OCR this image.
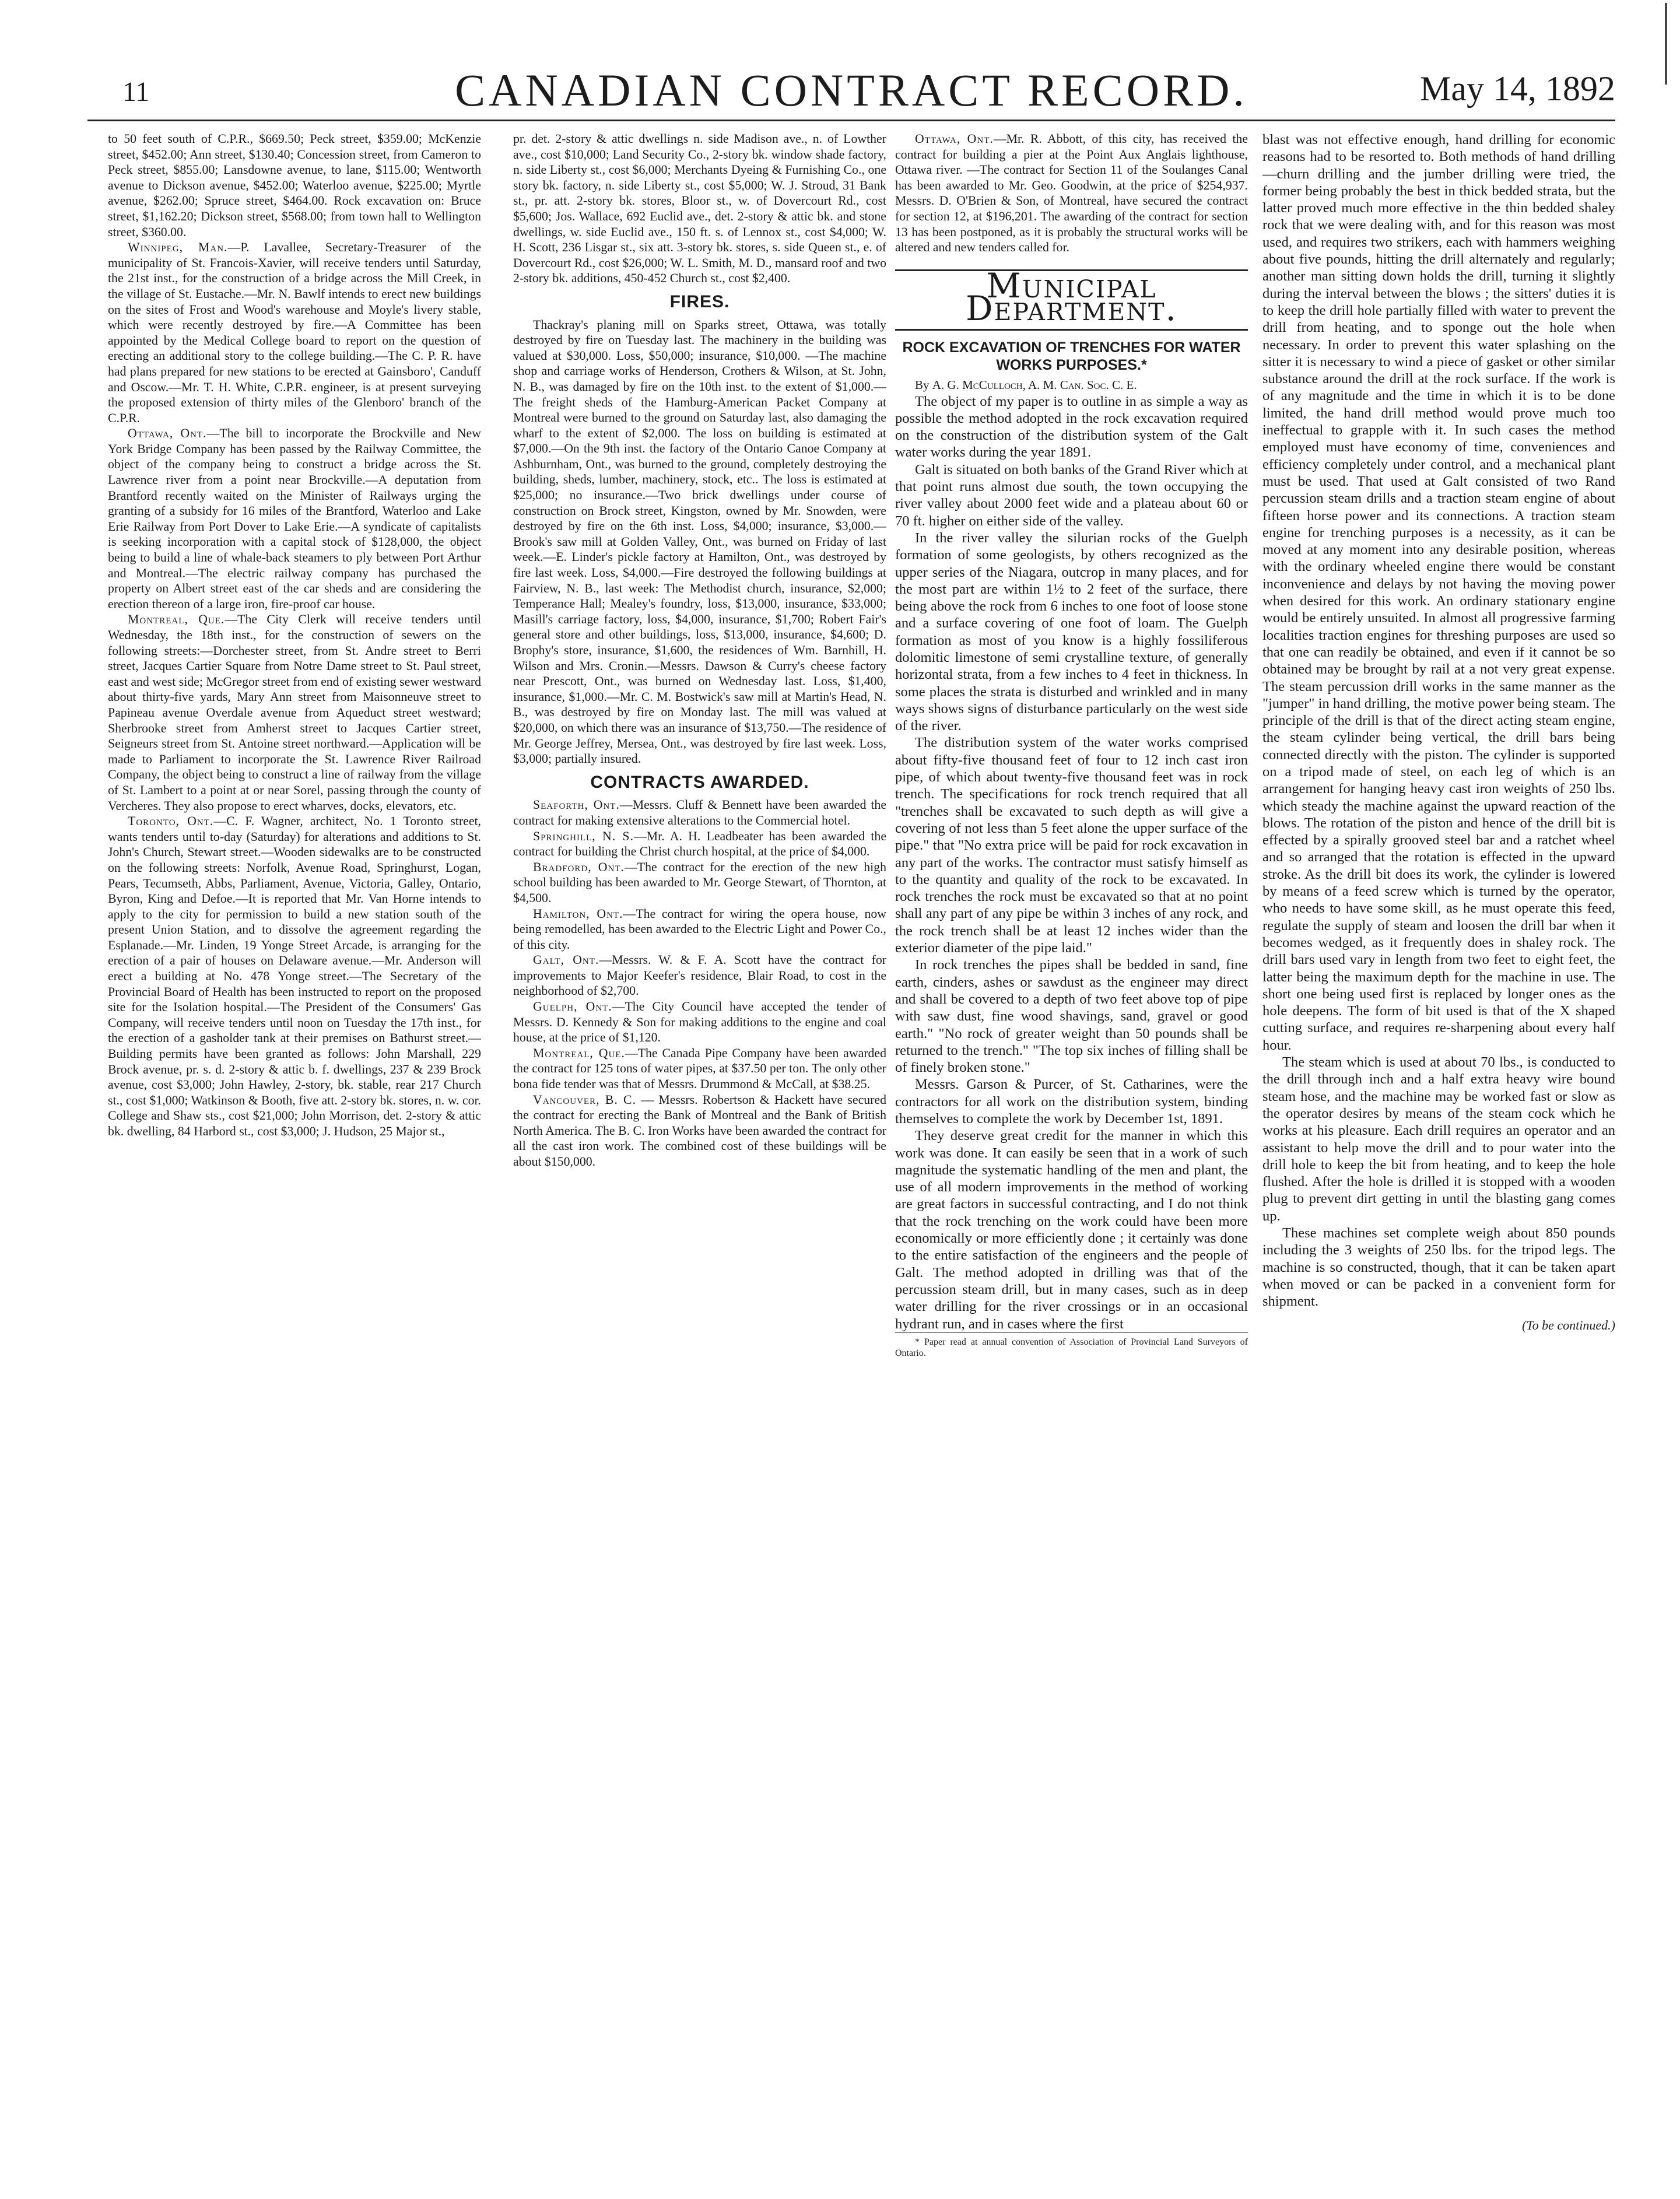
11	CANADIAN CONTRACT RECORD.	May 14, 1892

to 50 feet south of C.P.R., $669.50; Peck street, $359.00; McKenzie street, $452.00; Ann street, $130.40; Concession street, from Cameron to Peck street, $855.00; Lansdowne avenue, to lane, $115.00; Wentworth avenue to Dickson avenue, $452.00; Waterloo avenue, $225.00; Myrtle avenue, $262.00; Spruce street, $464.00. Rock excavation on: Bruce street, $1,162.20; Dickson street, $568.00; from town hall to Wellington street, $360.00.

Winnipeg, Man.—P. Lavallee, Secretary-Treasurer of the municipality of St. Francois-Xavier, will receive tenders until Saturday, the 21st inst., for the construction of a bridge across the Mill Creek, in the village of St. Eustache.—Mr. N. Bawlf intends to erect new buildings on the sites of Frost and Wood's warehouse and Moyle's livery stable, which were recently destroyed by fire.—A Committee has been appointed by the Medical College board to report on the question of erecting an additional story to the college building.—The C. P. R. have had plans prepared for new stations to be erected at Gainsboro', Canduff and Oscow.—Mr. T. H. White, C.P.R. engineer, is at present surveying the proposed extension of thirty miles of the Glenboro' branch of the C.P.R.

Ottawa, Ont.—The bill to incorporate the Brockville and New York Bridge Company has been passed by the Railway Committee, the object of the company being to construct a bridge across the St. Lawrence river from a point near Brockville.—A deputation from Brantford recently waited on the Minister of Railways urging the granting of a subsidy for 16 miles of the Brantford, Waterloo and Lake Erie Railway from Port Dover to Lake Erie.—A syndicate of capitalists is seeking incorporation with a capital stock of $128,000, the object being to build a line of whale-back steamers to ply between Port Arthur and Montreal.—The electric railway company has purchased the property on Albert street east of the car sheds and are considering the erection thereon of a large iron, fire-proof car house.

Montreal, Que.—The City Clerk will receive tenders until Wednesday, the 18th inst., for the construction of sewers on the following streets:—Dorchester street, from St. Andre street to Berri street, Jacques Cartier Square from Notre Dame street to St. Paul street, east and west side; McGregor street from end of existing sewer westward about thirty-five yards, Mary Ann street from Maisonneuve street to Papineau avenue Overdale avenue from Aqueduct street westward; Sherbrooke street from Amherst street to Jacques Cartier street, Seigneurs street from St. Antoine street northward.—Application will be made to Parliament to incorporate the St. Lawrence River Railroad Company, the object being to construct a line of railway from the village of St. Lambert to a point at or near Sorel, passing through the county of Vercheres. They also propose to erect wharves, docks, elevators, etc.

Toronto, Ont.—C. F. Wagner, architect, No. 1 Toronto street, wants tenders until to-day (Saturday) for alterations and additions to St. John's Church, Stewart street.—Wooden sidewalks are to be constructed on the following streets: Norfolk, Avenue Road, Springhurst, Logan, Pears, Tecumseth, Abbs, Parliament, Avenue, Victoria, Galley, Ontario, Byron, King and Defoe.—It is reported that Mr. Van Horne intends to apply to the city for permission to build a new station south of the present Union Station, and to dissolve the agreement regarding the Esplanade.—Mr. Linden, 19 Yonge Street Arcade, is arranging for the erection of a pair of houses on Delaware avenue.—Mr. Anderson will erect a building at No. 478 Yonge street.—The Secretary of the Provincial Board of Health has been instructed to report on the proposed site for the Isolation hospital.—The President of the Consumers' Gas Company, will receive tenders until noon on Tuesday the 17th inst., for the erection of a gasholder tank at their premises on Bathurst street.—Building permits have been granted as follows: John Marshall, 229 Brock avenue, pr. s. d. 2-story & attic b. f. dwellings, 237 & 239 Brock avenue, cost $3,000; John Hawley, 2-story, bk. stable, rear 217 Church st., cost $1,000; Watkinson & Booth, five att. 2-story bk. stores, n. w. cor. College and Shaw sts., cost $21,000; John Morrison, det. 2-story & attic bk. dwelling, 84 Harbord st., cost $3,000; J. Hudson, 25 Major st.,

pr. det. 2-story & attic dwellings n. side Madison ave., n. of Lowther ave., cost $10,000; Land Security Co., 2-story bk. window shade factory, n. side Liberty st., cost $6,000; Merchants Dyeing & Furnishing Co., one story bk. factory, n. side Liberty st., cost $5,000; W. J. Stroud, 31 Bank st., pr. att. 2-story bk. stores, Bloor st., w. of Dovercourt Rd., cost $5,600; Jos. Wallace, 692 Euclid ave., det. 2-story & attic bk. and stone dwellings, w. side Euclid ave., 150 ft. s. of Lennox st., cost $4,000; W. H. Scott, 236 Lisgar st., six att. 3-story bk. stores, s. side Queen st., e. of Dovercourt Rd., cost $26,000; W. L. Smith, M. D., mansard roof and two 2-story bk. additions, 450-452 Church st., cost $2,400.

FIRES.

Thackray's planing mill on Sparks street, Ottawa, was totally destroyed by fire on Tuesday last. The machinery in the building was valued at $30,000. Loss, $50,000; insurance, $10,000. —The machine shop and carriage works of Henderson, Crothers & Wilson, at St. John, N. B., was damaged by fire on the 10th inst. to the extent of $1,000.—The freight sheds of the Hamburg-American Packet Company at Montreal were burned to the ground on Saturday last, also damaging the wharf to the extent of $2,000. The loss on building is estimated at $7,000.—On the 9th inst. the factory of the Ontario Canoe Company at Ashburnham, Ont., was burned to the ground, completely destroying the building, sheds, lumber, machinery, stock, etc.. The loss is estimated at $25,000; no insurance.—Two brick dwellings under course of construction on Brock street, Kingston, owned by Mr. Snowden, were destroyed by fire on the 6th inst. Loss, $4,000; insurance, $3,000.—Brook's saw mill at Golden Valley, Ont., was burned on Friday of last week.—E. Linder's pickle factory at Hamilton, Ont., was destroyed by fire last week. Loss, $4,000.—Fire destroyed the following buildings at Fairview, N. B., last week: The Methodist church, insurance, $2,000; Temperance Hall; Mealey's foundry, loss, $13,000, insurance, $33,000; Masill's carriage factory, loss, $4,000, insurance, $1,700; Robert Fair's general store and other buildings, loss, $13,000, insurance, $4,600; D. Brophy's store, insurance, $1,600, the residences of Wm. Barnhill, H. Wilson and Mrs. Cronin.—Messrs. Dawson & Curry's cheese factory near Prescott, Ont., was burned on Wednesday last. Loss, $1,400, insurance, $1,000.—Mr. C. M. Bostwick's saw mill at Martin's Head, N. B., was destroyed by fire on Monday last. The mill was valued at $20,000, on which there was an insurance of $13,750.—The residence of Mr. George Jeffrey, Mersea, Ont., was destroyed by fire last week. Loss, $3,000; partially insured.

CONTRACTS AWARDED.

Seaforth, Ont.—Messrs. Cluff & Bennett have been awarded the contract for making extensive alterations to the Commercial hotel.

Springhill, N. S.—Mr. A. H. Leadbeater has been awarded the contract for building the Christ church hospital, at the price of $4,000.

Bradford, Ont.—The contract for the erection of the new high school building has been awarded to Mr. George Stewart, of Thornton, at $4,500.

Hamilton, Ont.—The contract for wiring the opera house, now being remodelled, has been awarded to the Electric Light and Power Co., of this city.

Galt, Ont.—Messrs. W. & F. A. Scott have the contract for improvements to Major Keefer's residence, Blair Road, to cost in the neighborhood of $2,700.

Guelph, Ont.—The City Council have accepted the tender of Messrs. D. Kennedy & Son for making additions to the engine and coal house, at the price of $1,120.

Montreal, Que.—The Canada Pipe Company have been awarded the contract for 125 tons of water pipes, at $37.50 per ton. The only other bona fide tender was that of Messrs. Drummond & McCall, at $38.25.

Vancouver, B. C. — Messrs. Robertson & Hackett have secured the contract for erecting the Bank of Montreal and the Bank of British North America. The B. C. Iron Works have been awarded the contract for all the cast iron work. The combined cost of these buildings will be about $150,000.

Ottawa, Ont.—Mr. R. Abbott, of this city, has received the contract for building a pier at the Point Aux Anglais lighthouse, Ottawa river. —The contract for Section 11 of the Soulanges Canal has been awarded to Mr. Geo. Goodwin, at the price of $254,937. Messrs. D. O'Brien & Son, of Montreal, have secured the contract for section 12, at $196,201. The awarding of the contract for section 13 has been postponed, as it is probably the structural works will be altered and new tenders called for.

Municipal Department.
ROCK EXCAVATION OF TRENCHES FOR WATER WORKS PURPOSES.*

By A. G. McCulloch, A. M. Can. Soc. C. E.

The object of my paper is to outline in as simple a way as possible the method adopted in the rock excavation required on the construction of the distribution system of the Galt water works during the year 1891.

Galt is situated on both banks of the Grand River which at that point runs almost due south, the town occupying the river valley about 2000 feet wide and a plateau about 60 or 70 ft. higher on either side of the valley.

In the river valley the silurian rocks of the Guelph formation of some geologists, by others recognized as the upper series of the Niagara, outcrop in many places, and for the most part are within 1½ to 2 feet of the surface, there being above the rock from 6 inches to one foot of loose stone and a surface covering of one foot of loam. The Guelph formation as most of you know is a highly fossiliferous dolomitic limestone of semi crystalline texture, of generally horizontal strata, from a few inches to 4 feet in thickness. In some places the strata is disturbed and wrinkled and in many ways shows signs of disturbance particularly on the west side of the river.

The distribution system of the water works comprised about fifty-five thousand feet of four to 12 inch cast iron pipe, of which about twenty-five thousand feet was in rock trench. The specifications for rock trench required that all "trenches shall be excavated to such depth as will give a covering of not less than 5 feet alone the upper surface of the pipe." that "No extra price will be paid for rock excavation in any part of the works. The contractor must satisfy himself as to the quantity and quality of the rock to be excavated. In rock trenches the rock must be excavated so that at no point shall any part of any pipe be within 3 inches of any rock, and the rock trench shall be at least 12 inches wider than the exterior diameter of the pipe laid."

In rock trenches the pipes shall be bedded in sand, fine earth, cinders, ashes or sawdust as the engineer may direct and shall be covered to a depth of two feet above top of pipe with saw dust, fine wood shavings, sand, gravel or good earth." "No rock of greater weight than 50 pounds shall be returned to the trench." "The top six inches of filling shall be of finely broken stone."

Messrs. Garson & Purcer, of St. Catharines, were the contractors for all work on the distribution system, binding themselves to complete the work by December 1st, 1891.

They deserve great credit for the manner in which this work was done. It can easily be seen that in a work of such magnitude the systematic handling of the men and plant, the use of all modern improvements in the method of working are great factors in successful contracting, and I do not think that the rock trenching on the work could have been more economically or more efficiently done ; it certainly was done to the entire satisfaction of the engineers and the people of Galt. The method adopted in drilling was that of the percussion steam drill, but in many cases, such as in deep water drilling for the river crossings or in an occasional hydrant run, and in cases where the first

* Paper read at annual convention of Association of Provincial Land Surveyors of Ontario.

blast was not effective enough, hand drilling for economic reasons had to be resorted to. Both methods of hand drilling—churn drilling and the jumber drilling were tried, the former being probably the best in thick bedded strata, but the latter proved much more effective in the thin bedded shaley rock that we were dealing with, and for this reason was most used, and requires two strikers, each with hammers weighing about five pounds, hitting the drill alternately and regularly; another man sitting down holds the drill, turning it slightly during the interval between the blows ; the sitters' duties it is to keep the drill hole partially filled with water to prevent the drill from heating, and to sponge out the hole when necessary. In order to prevent this water splashing on the sitter it is necessary to wind a piece of gasket or other similar substance around the drill at the rock surface. If the work is of any magnitude and the time in which it is to be done limited, the hand drill method would prove much too ineffectual to grapple with it. In such cases the method employed must have economy of time, conveniences and efficiency completely under control, and a mechanical plant must be used. That used at Galt consisted of two Rand percussion steam drills and a traction steam engine of about fifteen horse power and its connections. A traction steam engine for trenching purposes is a necessity, as it can be moved at any moment into any desirable position, whereas with the ordinary wheeled engine there would be constant inconvenience and delays by not having the moving power when desired for this work. An ordinary stationary engine would be entirely unsuited. In almost all progressive farming localities traction engines for threshing purposes are used so that one can readily be obtained, and even if it cannot be so obtained may be brought by rail at a not very great expense. The steam percussion drill works in the same manner as the "jumper" in hand drilling, the motive power being steam. The principle of the drill is that of the direct acting steam engine, the steam cylinder being vertical, the drill bars being connected directly with the piston. The cylinder is supported on a tripod made of steel, on each leg of which is an arrangement for hanging heavy cast iron weights of 250 lbs. which steady the machine against the upward reaction of the blows. The rotation of the piston and hence of the drill bit is effected by a spirally grooved steel bar and a ratchet wheel and so arranged that the rotation is effected in the upward stroke. As the drill bit does its work, the cylinder is lowered by means of a feed screw which is turned by the operator, who needs to have some skill, as he must operate this feed, regulate the supply of steam and loosen the drill bar when it becomes wedged, as it frequently does in shaley rock. The drill bars used vary in length from two feet to eight feet, the latter being the maximum depth for the machine in use. The short one being used first is replaced by longer ones as the hole deepens. The form of bit used is that of the X shaped cutting surface, and requires re-sharpening about every half hour.

The steam which is used at about 70 lbs., is conducted to the drill through inch and a half extra heavy wire bound steam hose, and the machine may be worked fast or slow as the operator desires by means of the steam cock which he works at his pleasure. Each drill requires an operator and an assistant to help move the drill and to pour water into the drill hole to keep the bit from heating, and to keep the hole flushed. After the hole is drilled it is stopped with a wooden plug to prevent dirt getting in until the blasting gang comes up.

These machines set complete weigh about 850 pounds including the 3 weights of 250 lbs. for the tripod legs. The machine is so constructed, though, that it can be taken apart when moved or can be packed in a convenient form for shipment.

(To be continued.)
